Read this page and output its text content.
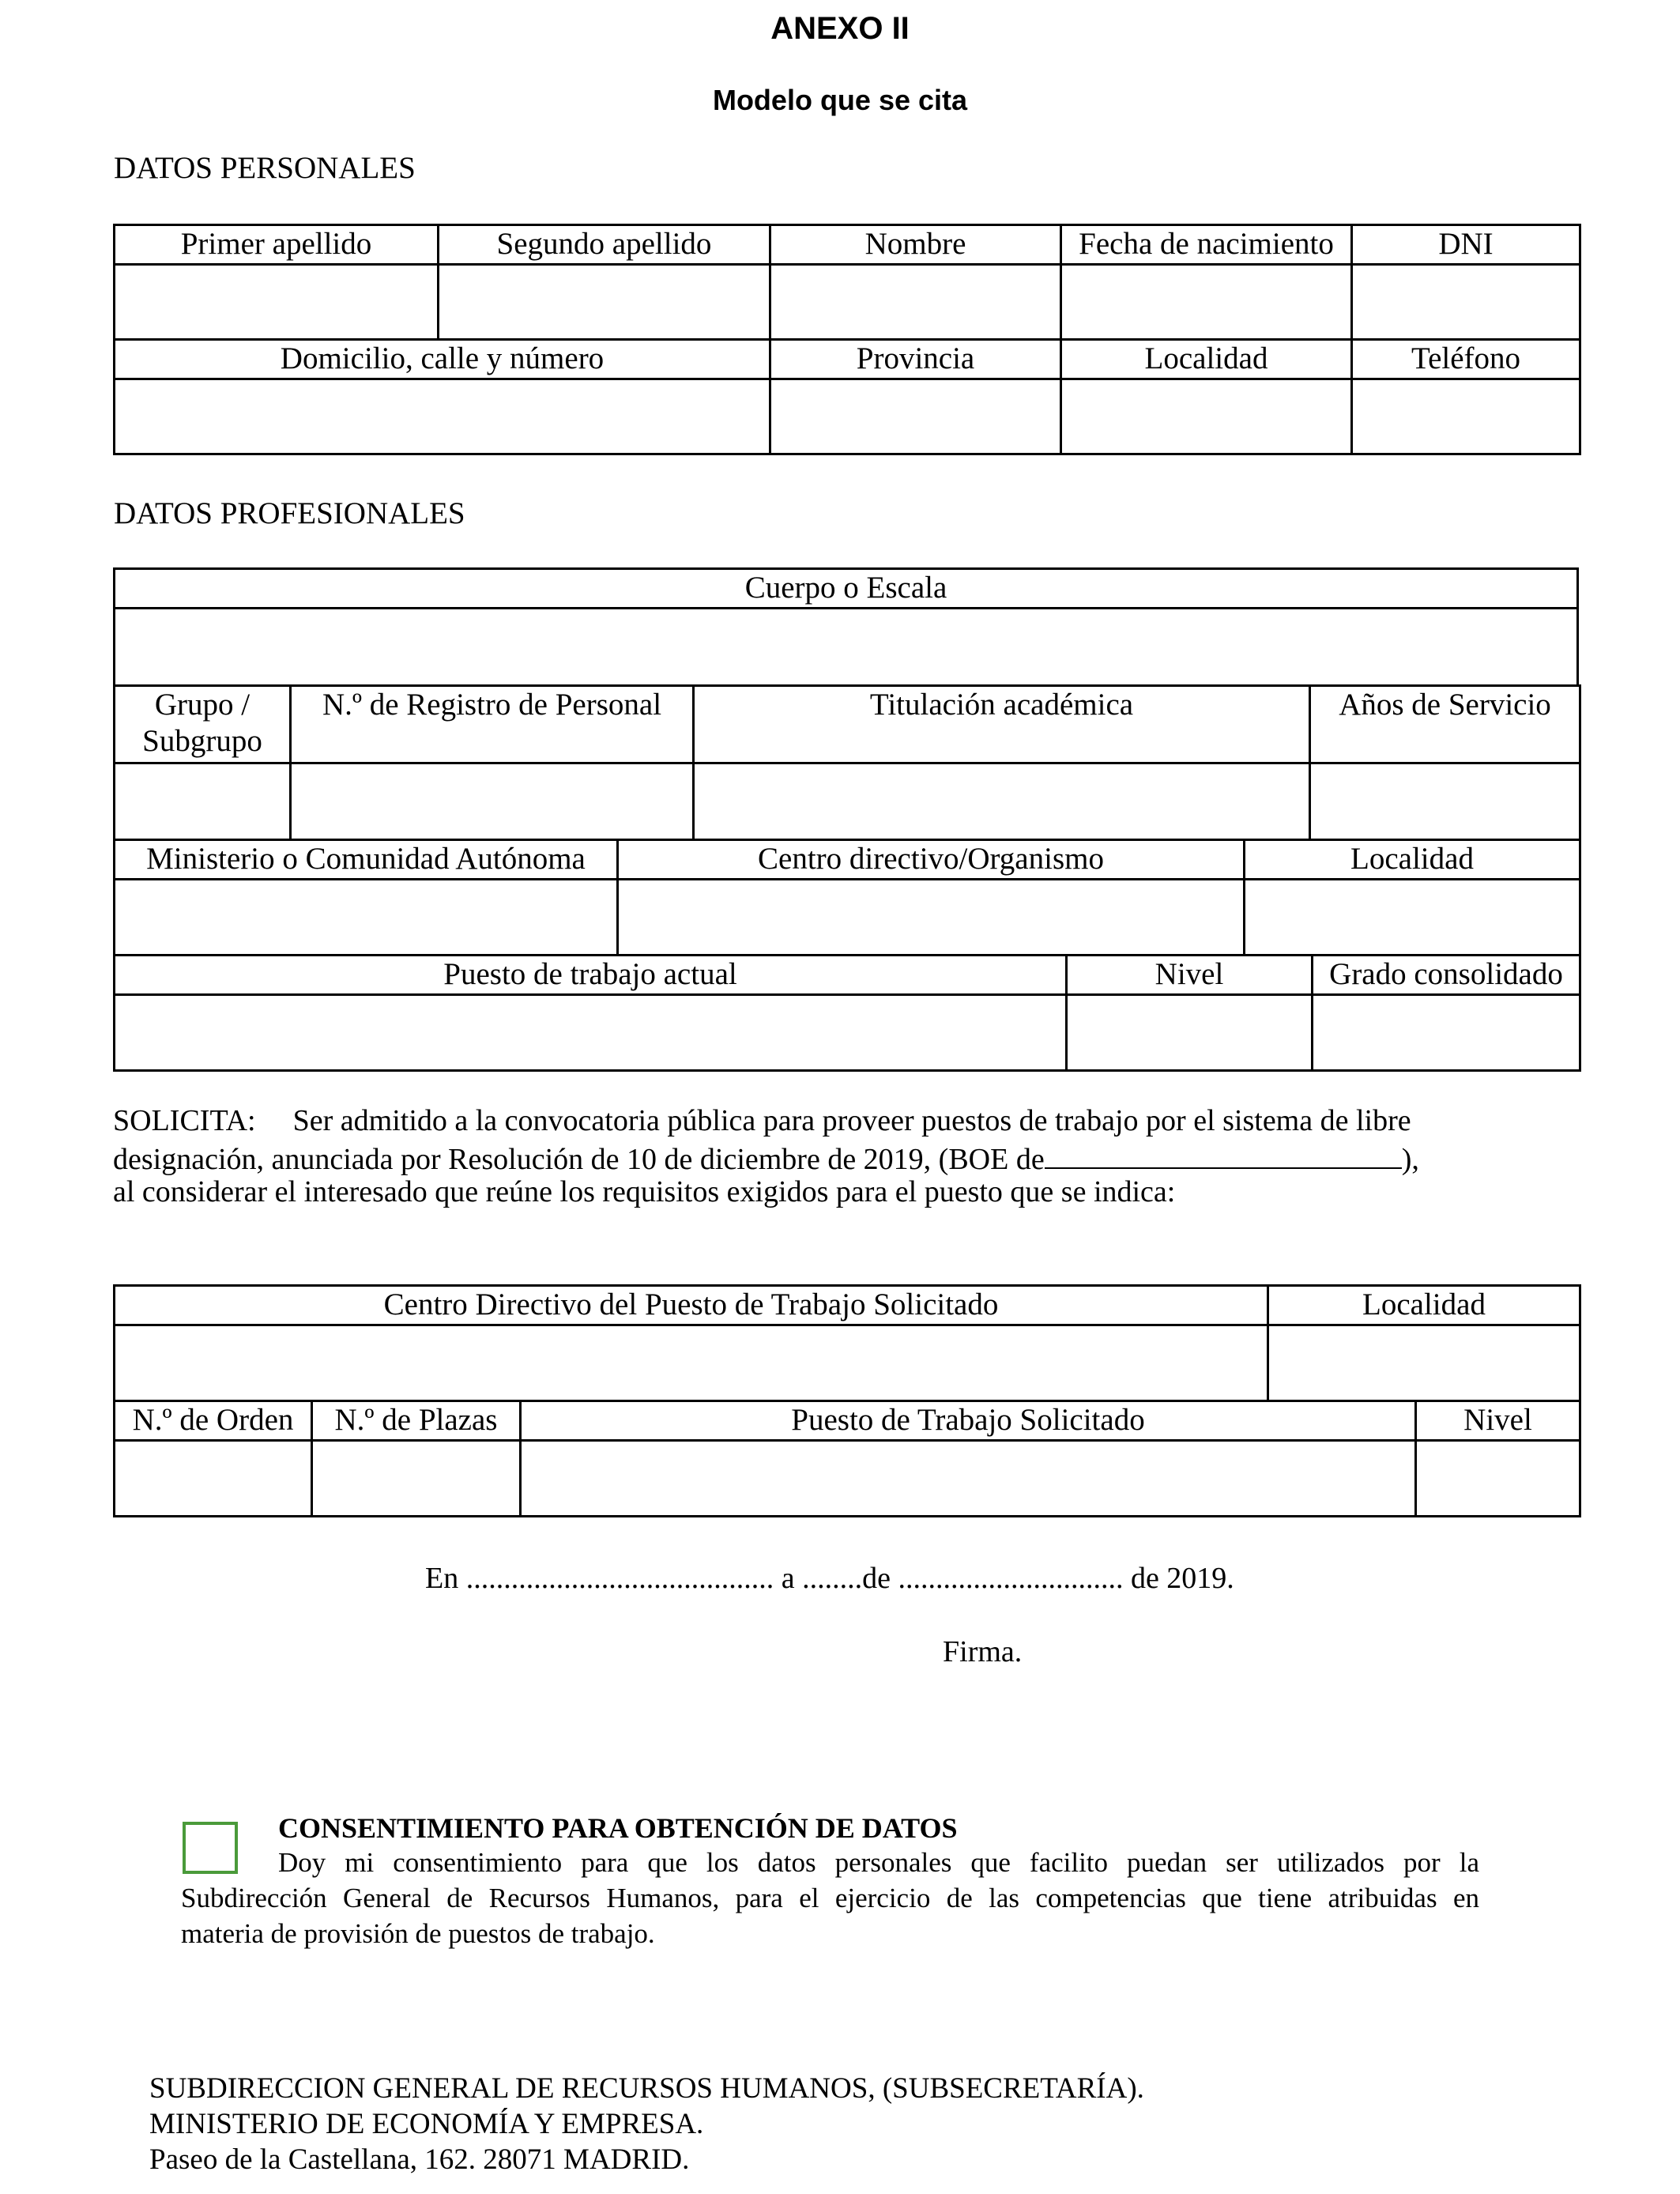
ANEXO II
Modelo que se cita
DATOS PERSONALES
Primer apellido	Segundo apellido	Nombre	Fecha de nacimiento	DNI

Domicilio, calle y número		Provincia	Localidad	Teléfono

DATOS PROFESIONALES
Cuerpo o Escala

Grupo / Subgrupo	N.º de Registro de Personal	Titulación académica	Años de Servicio

Ministerio o Comunidad Autónoma	Centro directivo/Organismo	Localidad

Puesto de trabajo actual	Nivel	Grado consolidado

SOLICITA: Ser admitido a la convocatoria pública para proveer puestos de trabajo por el sistema de libre
designación, anunciada por Resolución de 10 de diciembre de 2019, (BOE de	),
al considerar el interesado que reúne los requisitos exigidos para el puesto que se indica:
Centro Directivo del Puesto de Trabajo Solicitado	Localidad

N.º de Orden	N.º de Plazas	Puesto de Trabajo Solicitado	Nivel

En ......................................... a ........de .............................. de 2019.
Firma.
CONSENTIMIENTO PARA OBTENCIÓN DE DATOS
Doy mi consentimiento para que los datos personales que facilito puedan ser utilizados por la
Subdirección General de Recursos Humanos, para el ejercicio de las competencias que tiene atribuidas en
materia de provisión de puestos de trabajo.
SUBDIRECCION GENERAL DE RECURSOS HUMANOS, (SUBSECRETARÍA).
MINISTERIO DE ECONOMÍA Y EMPRESA.
Paseo de la Castellana, 162. 28071 MADRID.
